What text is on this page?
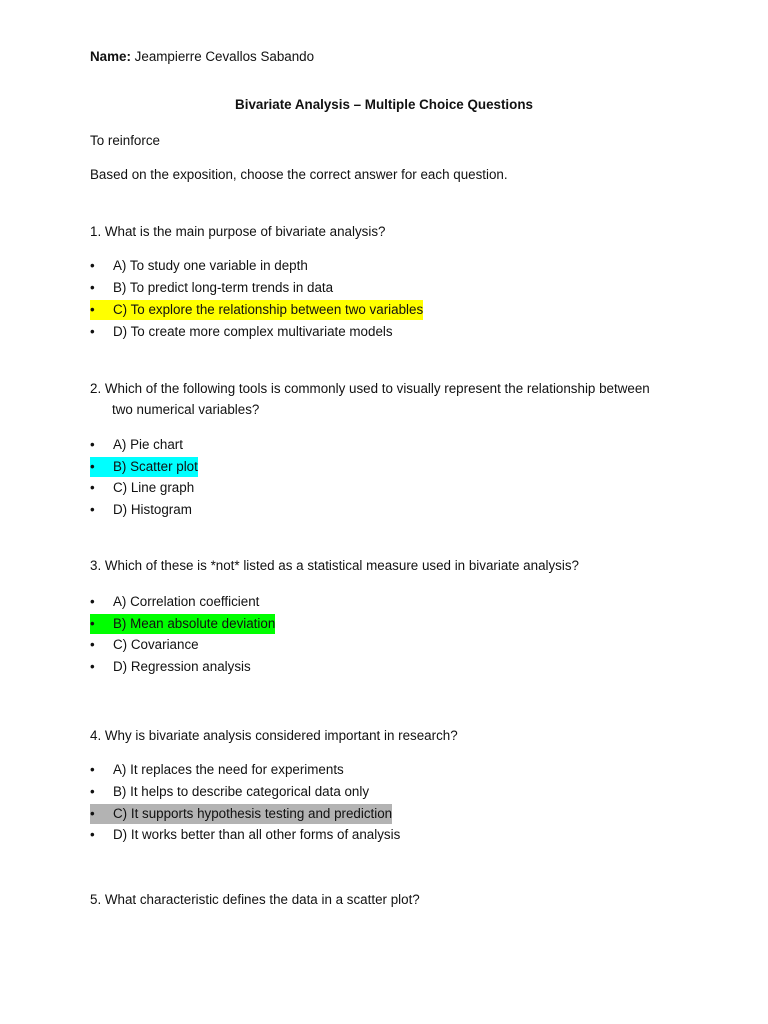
Name: Jeampierre Cevallos Sabando
Bivariate Analysis – Multiple Choice Questions
To reinforce
Based on the exposition, choose the correct answer for each question.
1. What is the main purpose of bivariate analysis?
• A) To study one variable in depth
• B) To predict long-term trends in data
• C) To explore the relationship between two variables
• D) To create more complex multivariate models
2. Which of the following tools is commonly used to visually represent the relationship between
two numerical variables?
• A) Pie chart
• B) Scatter plot
• C) Line graph
• D) Histogram
3. Which of these is *not* listed as a statistical measure used in bivariate analysis?
• A) Correlation coefficient
• B) Mean absolute deviation
• C) Covariance
• D) Regression analysis
4. Why is bivariate analysis considered important in research?
• A) It replaces the need for experiments
• B) It helps to describe categorical data only
• C) It supports hypothesis testing and prediction
• D) It works better than all other forms of analysis
5. What characteristic defines the data in a scatter plot?
